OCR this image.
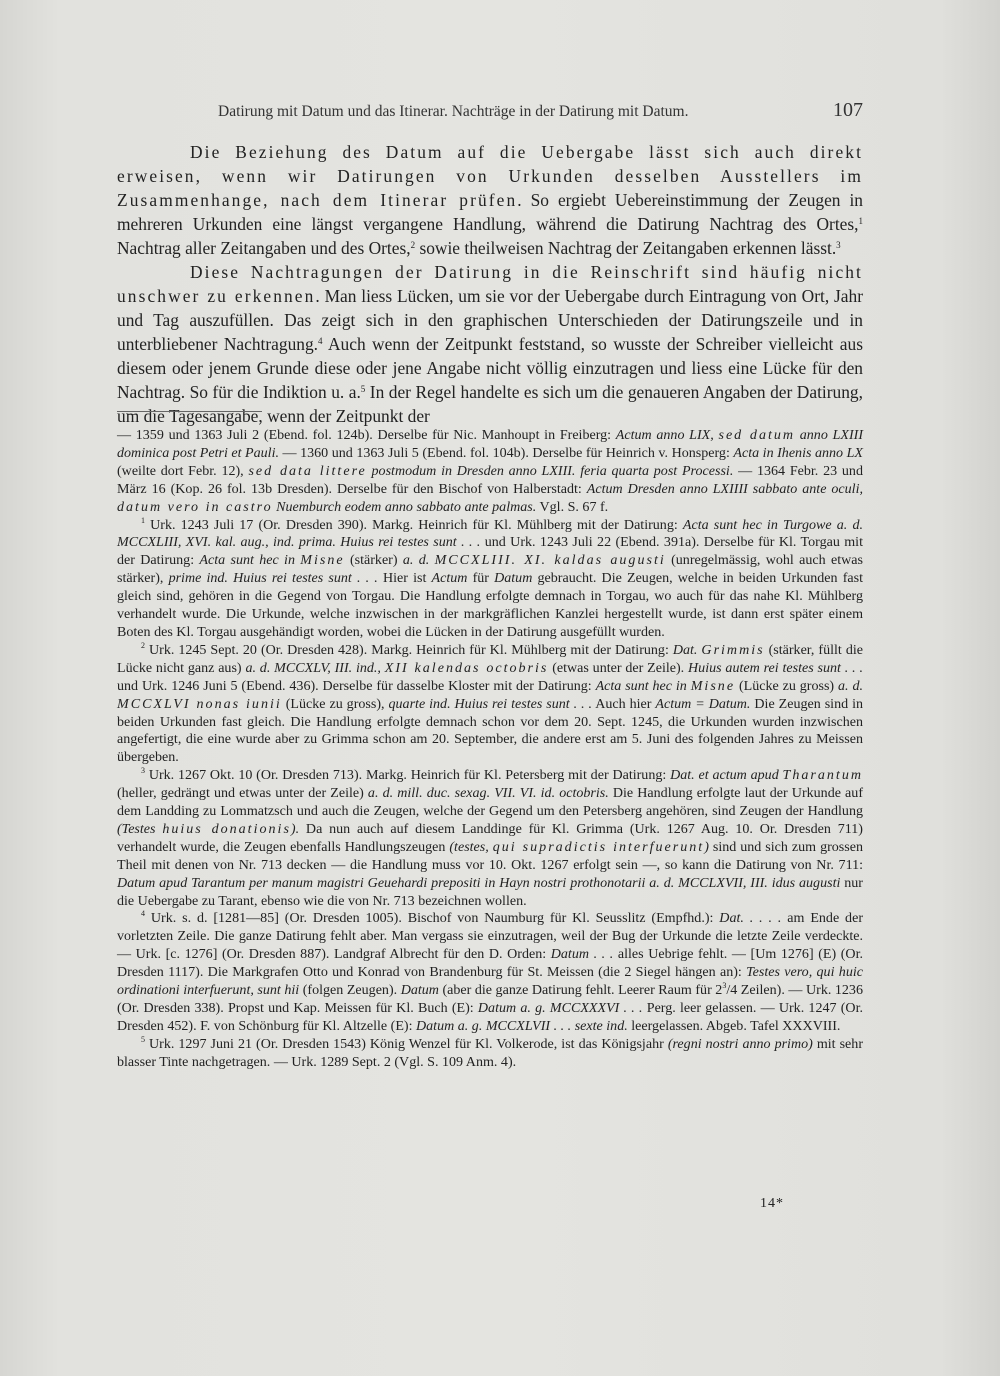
Datirung mit Datum und das Itinerar. Nachträge in der Datirung mit Datum.	107

Die Beziehung des Datum auf die Uebergabe lässt sich auch direkt erweisen, wenn wir Datirungen von Urkunden desselben Ausstellers im Zusammenhange, nach dem Itinerar prüfen. So ergiebt Uebereinstimmung der Zeugen in mehreren Urkunden eine längst vergangene Handlung, während die Datirung Nachtrag des Ortes,$^1$ Nachtrag aller Zeitangaben und des Ortes,$^2$ sowie theilweisen Nachtrag der Zeitangaben erkennen lässt.$^3$

Diese Nachtragungen der Datirung in die Reinschrift sind häufig nicht unschwer zu erkennen. Man liess Lücken, um sie vor der Uebergabe durch Eintragung von Ort, Jahr und Tag auszufüllen. Das zeigt sich in den graphischen Unterschieden der Datirungszeile und in unterbliebener Nachtragung.$^4$ Auch wenn der Zeitpunkt feststand, so wusste der Schreiber vielleicht aus diesem oder jenem Grunde diese oder jene Angabe nicht völlig einzutragen und liess eine Lücke für den Nachtrag. So für die Indiktion u. a.$^5$ In der Regel handelte es sich um die genaueren Angaben der Datirung, um die Tagesangabe, wenn der Zeitpunkt der

— 1359 und 1363 Juli 2 (Ebend. fol. 124b). Derselbe für Nic. Manhoupt in Freiberg: Actum anno LIX, sed datum anno LXIII dominica post Petri et Pauli. — 1360 und 1363 Juli 5 (Ebend. fol. 104b). Derselbe für Heinrich v. Honsperg: Acta in Ihenis anno LX (weilte dort Febr. 12), sed data littere postmodum in Dresden anno LXIII. feria quarta post Processi. — 1364 Febr. 23 und März 16 (Kop. 26 fol. 13b Dresden). Derselbe für den Bischof von Halberstadt: Actum Dresden anno LXIIII sabbato ante oculi, datum vero in castro Nuemburch eodem anno sabbato ante palmas. Vgl. S. 67 f.

$^1$ Urk. 1243 Juli 17 (Or. Dresden 390). Markg. Heinrich für Kl. Mühlberg mit der Datirung: Acta sunt hec in Turgowe a. d. MCCXLIII, XVI. kal. aug., ind. prima. Huius rei testes sunt . . . und Urk. 1243 Juli 22 (Ebend. 391a). Derselbe für Kl. Torgau mit der Datirung: Acta sunt hec in Misne (stärker) a. d. MCCXLIII. XI. kaldas augusti (unregelmässig, wohl auch etwas stärker), prime ind. Huius rei testes sunt . . . Hier ist Actum für Datum gebraucht. Die Zeugen, welche in beiden Urkunden fast gleich sind, gehören in die Gegend von Torgau. Die Handlung erfolgte demnach in Torgau, wo auch für das nahe Kl. Mühlberg verhandelt wurde. Die Urkunde, welche inzwischen in der markgräflichen Kanzlei hergestellt wurde, ist dann erst später einem Boten des Kl. Torgau ausgehändigt worden, wobei die Lücken in der Datirung ausgefüllt wurden.

$^2$ Urk. 1245 Sept. 20 (Or. Dresden 428). Markg. Heinrich für Kl. Mühlberg mit der Datirung: Dat. Grimmis (stärker, füllt die Lücke nicht ganz aus) a. d. MCCXLV, III. ind., XII kalendas octobris (etwas unter der Zeile). Huius autem rei testes sunt . . . und Urk. 1246 Juni 5 (Ebend. 436). Derselbe für dasselbe Kloster mit der Datirung: Acta sunt hec in Misne (Lücke zu gross) a. d. MCCXLVI nonas iunii (Lücke zu gross), quarte ind. Huius rei testes sunt . . . Auch hier Actum = Datum. Die Zeugen sind in beiden Urkunden fast gleich. Die Handlung erfolgte demnach schon vor dem 20. Sept. 1245, die Urkunden wurden inzwischen angefertigt, die eine wurde aber zu Grimma schon am 20. September, die andere erst am 5. Juni des folgenden Jahres zu Meissen übergeben.

$^3$ Urk. 1267 Okt. 10 (Or. Dresden 713). Markg. Heinrich für Kl. Petersberg mit der Datirung: Dat. et actum apud Tharantum (heller, gedrängt und etwas unter der Zeile) a. d. mill. duc. sexag. VII. VI. id. octobris. Die Handlung erfolgte laut der Urkunde auf dem Landding zu Lommatzsch und auch die Zeugen, welche der Gegend um den Petersberg angehören, sind Zeugen der Handlung (Testes huius donationis). Da nun auch auf diesem Landdinge für Kl. Grimma (Urk. 1267 Aug. 10. Or. Dresden 711) verhandelt wurde, die Zeugen ebenfalls Handlungszeugen (testes, qui supradictis interfuerunt) sind und sich zum grossen Theil mit denen von Nr. 713 decken — die Handlung muss vor 10. Okt. 1267 erfolgt sein —, so kann die Datirung von Nr. 711: Datum apud Tarantum per manum magistri Geuehardi prepositi in Hayn nostri prothonotarii a. d. MCCLXVII, III. idus augusti nur die Uebergabe zu Tarant, ebenso wie die von Nr. 713 bezeichnen wollen.

$^4$ Urk. s. d. [1281—85] (Or. Dresden 1005). Bischof von Naumburg für Kl. Seusslitz (Empfhd.): Dat. . . . . am Ende der vorletzten Zeile. Die ganze Datirung fehlt aber. Man vergass sie einzutragen, weil der Bug der Urkunde die letzte Zeile verdeckte. — Urk. [c. 1276] (Or. Dresden 887). Landgraf Albrecht für den D. Orden: Datum . . . alles Uebrige fehlt. — [Um 1276] (E) (Or. Dresden 1117). Die Markgrafen Otto und Konrad von Brandenburg für St. Meissen (die 2 Siegel hängen an): Testes vero, qui huic ordinationi interfuerunt, sunt hii (folgen Zeugen). Datum (aber die ganze Datirung fehlt. Leerer Raum für $2^3/4$ Zeilen). — Urk. 1236 (Or. Dresden 338). Propst und Kap. Meissen für Kl. Buch (E): Datum a. g. MCCXXXVI . . . Perg. leer gelassen. — Urk. 1247 (Or. Dresden 452). F. von Schönburg für Kl. Altzelle (E): Datum a. g. MCCXLVII . . . sexte ind. leergelassen. Abgeb. Tafel XXXVIII.

$^5$ Urk. 1297 Juni 21 (Or. Dresden 1543) König Wenzel für Kl. Volkerode, ist das Königsjahr (regni nostri anno primo) mit sehr blasser Tinte nachgetragen. — Urk. 1289 Sept. 2 (Vgl. S. 109 Anm. 4).

14*
